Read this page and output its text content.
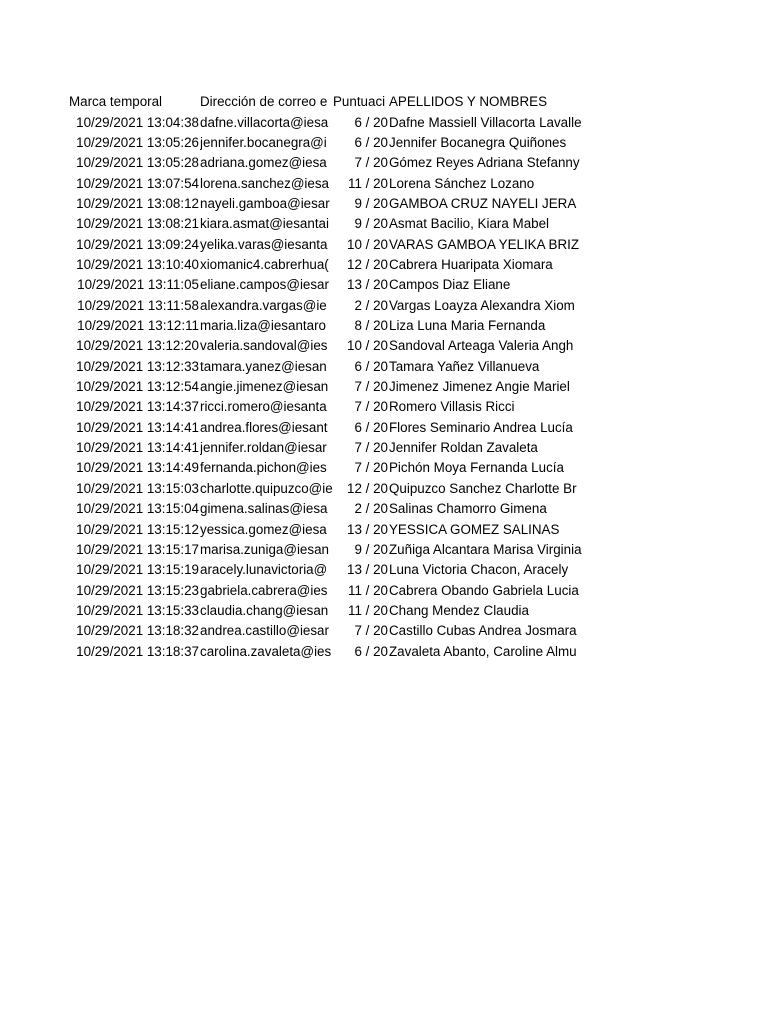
Marca temporal	Dirección de correo e Puntuaci APELLIDOS Y NOMBRES
10/29/2021 13:04:38 dafne.villacorta@iesa	6 / 20 Dafne Massiell Villacorta Lavalle
10/29/2021 13:05:26 jennifer.bocanegra@i	6 / 20 Jennifer Bocanegra Quiñones
10/29/2021 13:05:28 adriana.gomez@iesa	7 / 20 Gómez Reyes Adriana Stefanny
10/29/2021 13:07:54 lorena.sanchez@iesa	11 / 20 Lorena Sánchez Lozano
10/29/2021 13:08:12 nayeli.gamboa@iesar	9 / 20 GAMBOA CRUZ NAYELI JERA
10/29/2021 13:08:21 kiara.asmat@iesantai	9 / 20 Asmat Bacilio, Kiara Mabel
10/29/2021 13:09:24 yelika.varas@iesanta	10 / 20 VARAS GAMBOA YELIKA BRIZ
10/29/2021 13:10:40 xiomanic4.cabrerhua(	12 / 20 Cabrera Huaripata Xiomara
10/29/2021 13:11:05 eliane.campos@iesar	13 / 20 Campos Diaz Eliane
10/29/2021 13:11:58 alexandra.vargas@ie	2 / 20 Vargas Loayza Alexandra Xiom
10/29/2021 13:12:11 maria.liza@iesantaro	8 / 20 Liza Luna Maria Fernanda
10/29/2021 13:12:20 valeria.sandoval@ies	10 / 20 Sandoval Arteaga Valeria Angh
10/29/2021 13:12:33 tamara.yanez@iesan	6 / 20 Tamara Yañez Villanueva
10/29/2021 13:12:54 angie.jimenez@iesan	7 / 20 Jimenez Jimenez Angie Mariel
10/29/2021 13:14:37 ricci.romero@iesanta	7 / 20 Romero Villasis Ricci
10/29/2021 13:14:41 andrea.flores@iesant	6 / 20 Flores Seminario Andrea Lucía
10/29/2021 13:14:41 jennifer.roldan@iesar	7 / 20 Jennifer Roldan Zavaleta
10/29/2021 13:14:49 fernanda.pichon@ies	7 / 20 Pichón Moya Fernanda Lucía
10/29/2021 13:15:03 charlotte.quipuzco@ie	12 / 20 Quipuzco Sanchez Charlotte Br
10/29/2021 13:15:04 gimena.salinas@iesa	2 / 20 Salinas Chamorro Gimena
10/29/2021 13:15:12 yessica.gomez@iesa	13 / 20 YESSICA GOMEZ SALINAS
10/29/2021 13:15:17 marisa.zuniga@iesan	9 / 20 Zuñiga Alcantara Marisa Virginia
10/29/2021 13:15:19 aracely.lunavictoria@	13 / 20 Luna Victoria Chacon, Aracely
10/29/2021 13:15:23 gabriela.cabrera@ies	11 / 20 Cabrera Obando Gabriela Lucia
10/29/2021 13:15:33 claudia.chang@iesan	11 / 20 Chang Mendez Claudia
10/29/2021 13:18:32 andrea.castillo@iesar	7 / 20 Castillo Cubas Andrea Josmara
10/29/2021 13:18:37 carolina.zavaleta@ies	6 / 20 Zavaleta Abanto, Caroline Almu
